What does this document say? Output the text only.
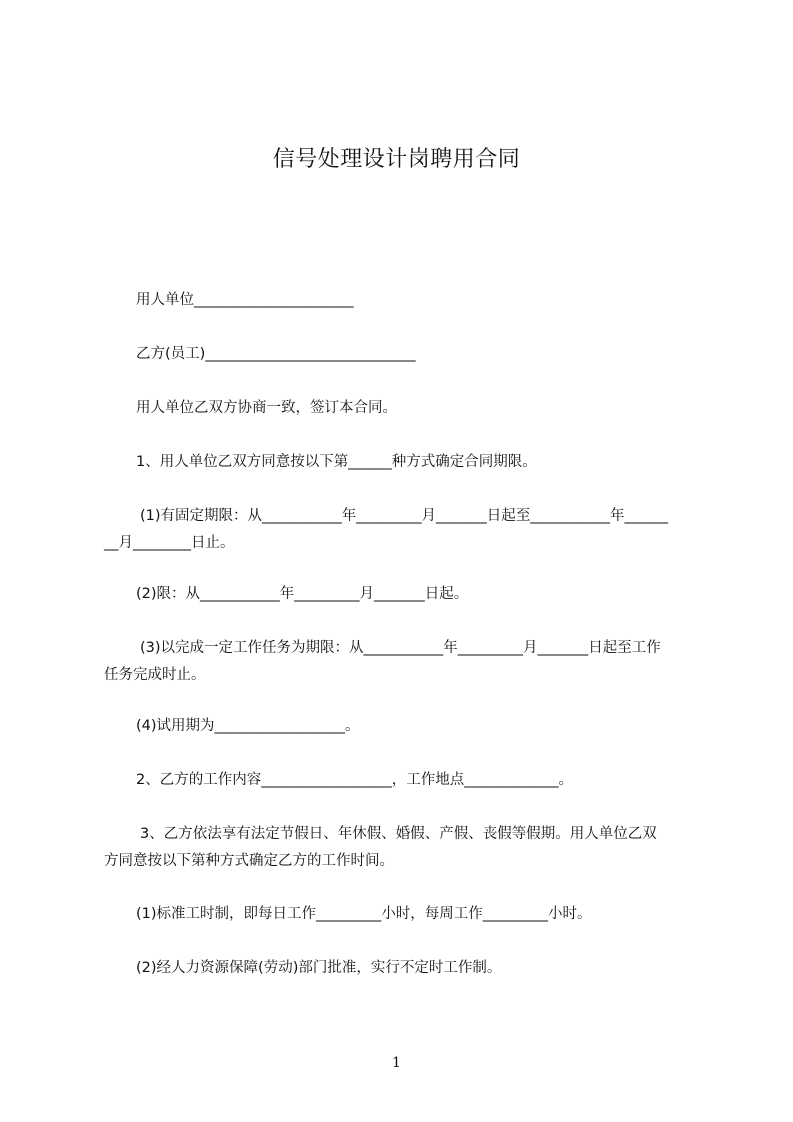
信号处理设计岗聘用合同
用人单位______________________
乙方(员工)_____________________________
用人单位乙双方协商一致，签订本合同。
1、用人单位乙双方同意按以下第______种方式确定合同期限。
(1)有固定期限：从___________年_________月_______日起至___________年______
__月________日止。
(2)限：从___________年_________月_______日起。
(3)以完成一定工作任务为期限：从___________年_________月_______日起至工作
任务完成时止。
(4)试用期为__________________。
2、乙方的工作内容__________________，工作地点_____________。
3、乙方依法享有法定节假日、年休假、婚假、产假、丧假等假期。用人单位乙双
方同意按以下第种方式确定乙方的工作时间。
(1)标准工时制，即每日工作_________小时，每周工作_________小时。
(2)经人力资源保障(劳动)部门批准，实行不定时工作制。
1
